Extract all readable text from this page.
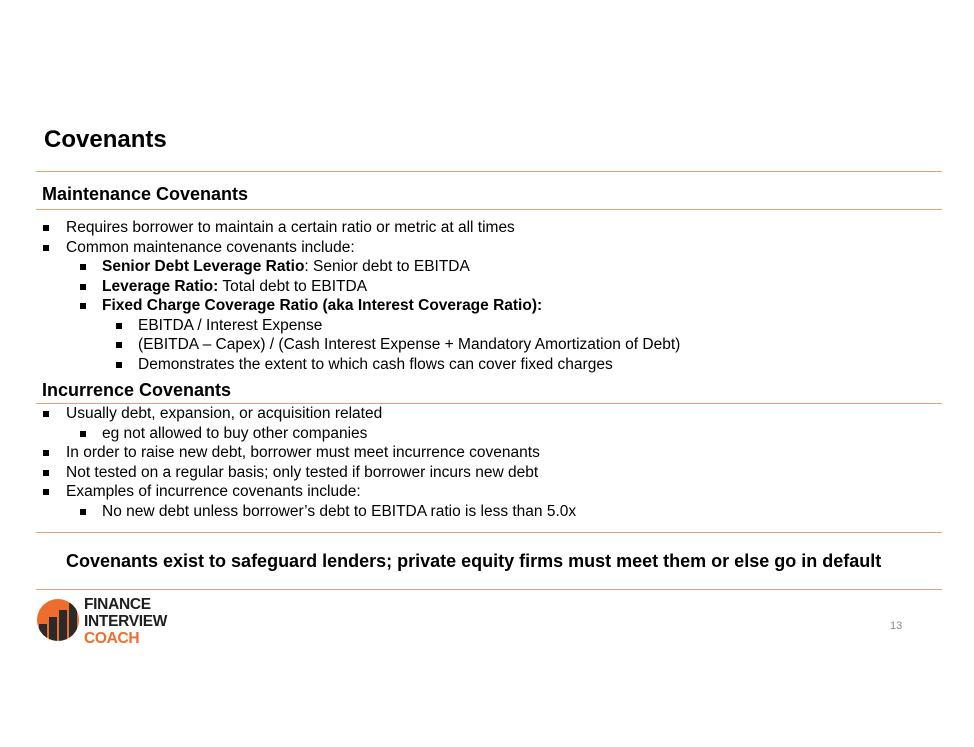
Covenants
Maintenance Covenants
Requires borrower to maintain a certain ratio or metric at all times
Common maintenance covenants include:
Senior Debt Leverage Ratio: Senior debt to EBITDA
Leverage Ratio: Total debt to EBITDA
Fixed Charge Coverage Ratio (aka Interest Coverage Ratio):
EBITDA / Interest Expense
(EBITDA – Capex) / (Cash Interest Expense + Mandatory Amortization of Debt)
Demonstrates the extent to which cash flows can cover fixed charges
Incurrence Covenants
Usually debt, expansion, or acquisition related
eg not allowed to buy other companies
In order to raise new debt, borrower must meet incurrence covenants
Not tested on a regular basis; only tested if borrower incurs new debt
Examples of incurrence covenants include:
No new debt unless borrower’s debt to EBITDA ratio is less than 5.0x

Covenants exist to safeguard lenders; private equity firms must meet them or else go in default

FINANCE
INTERVIEW
COACH
13
